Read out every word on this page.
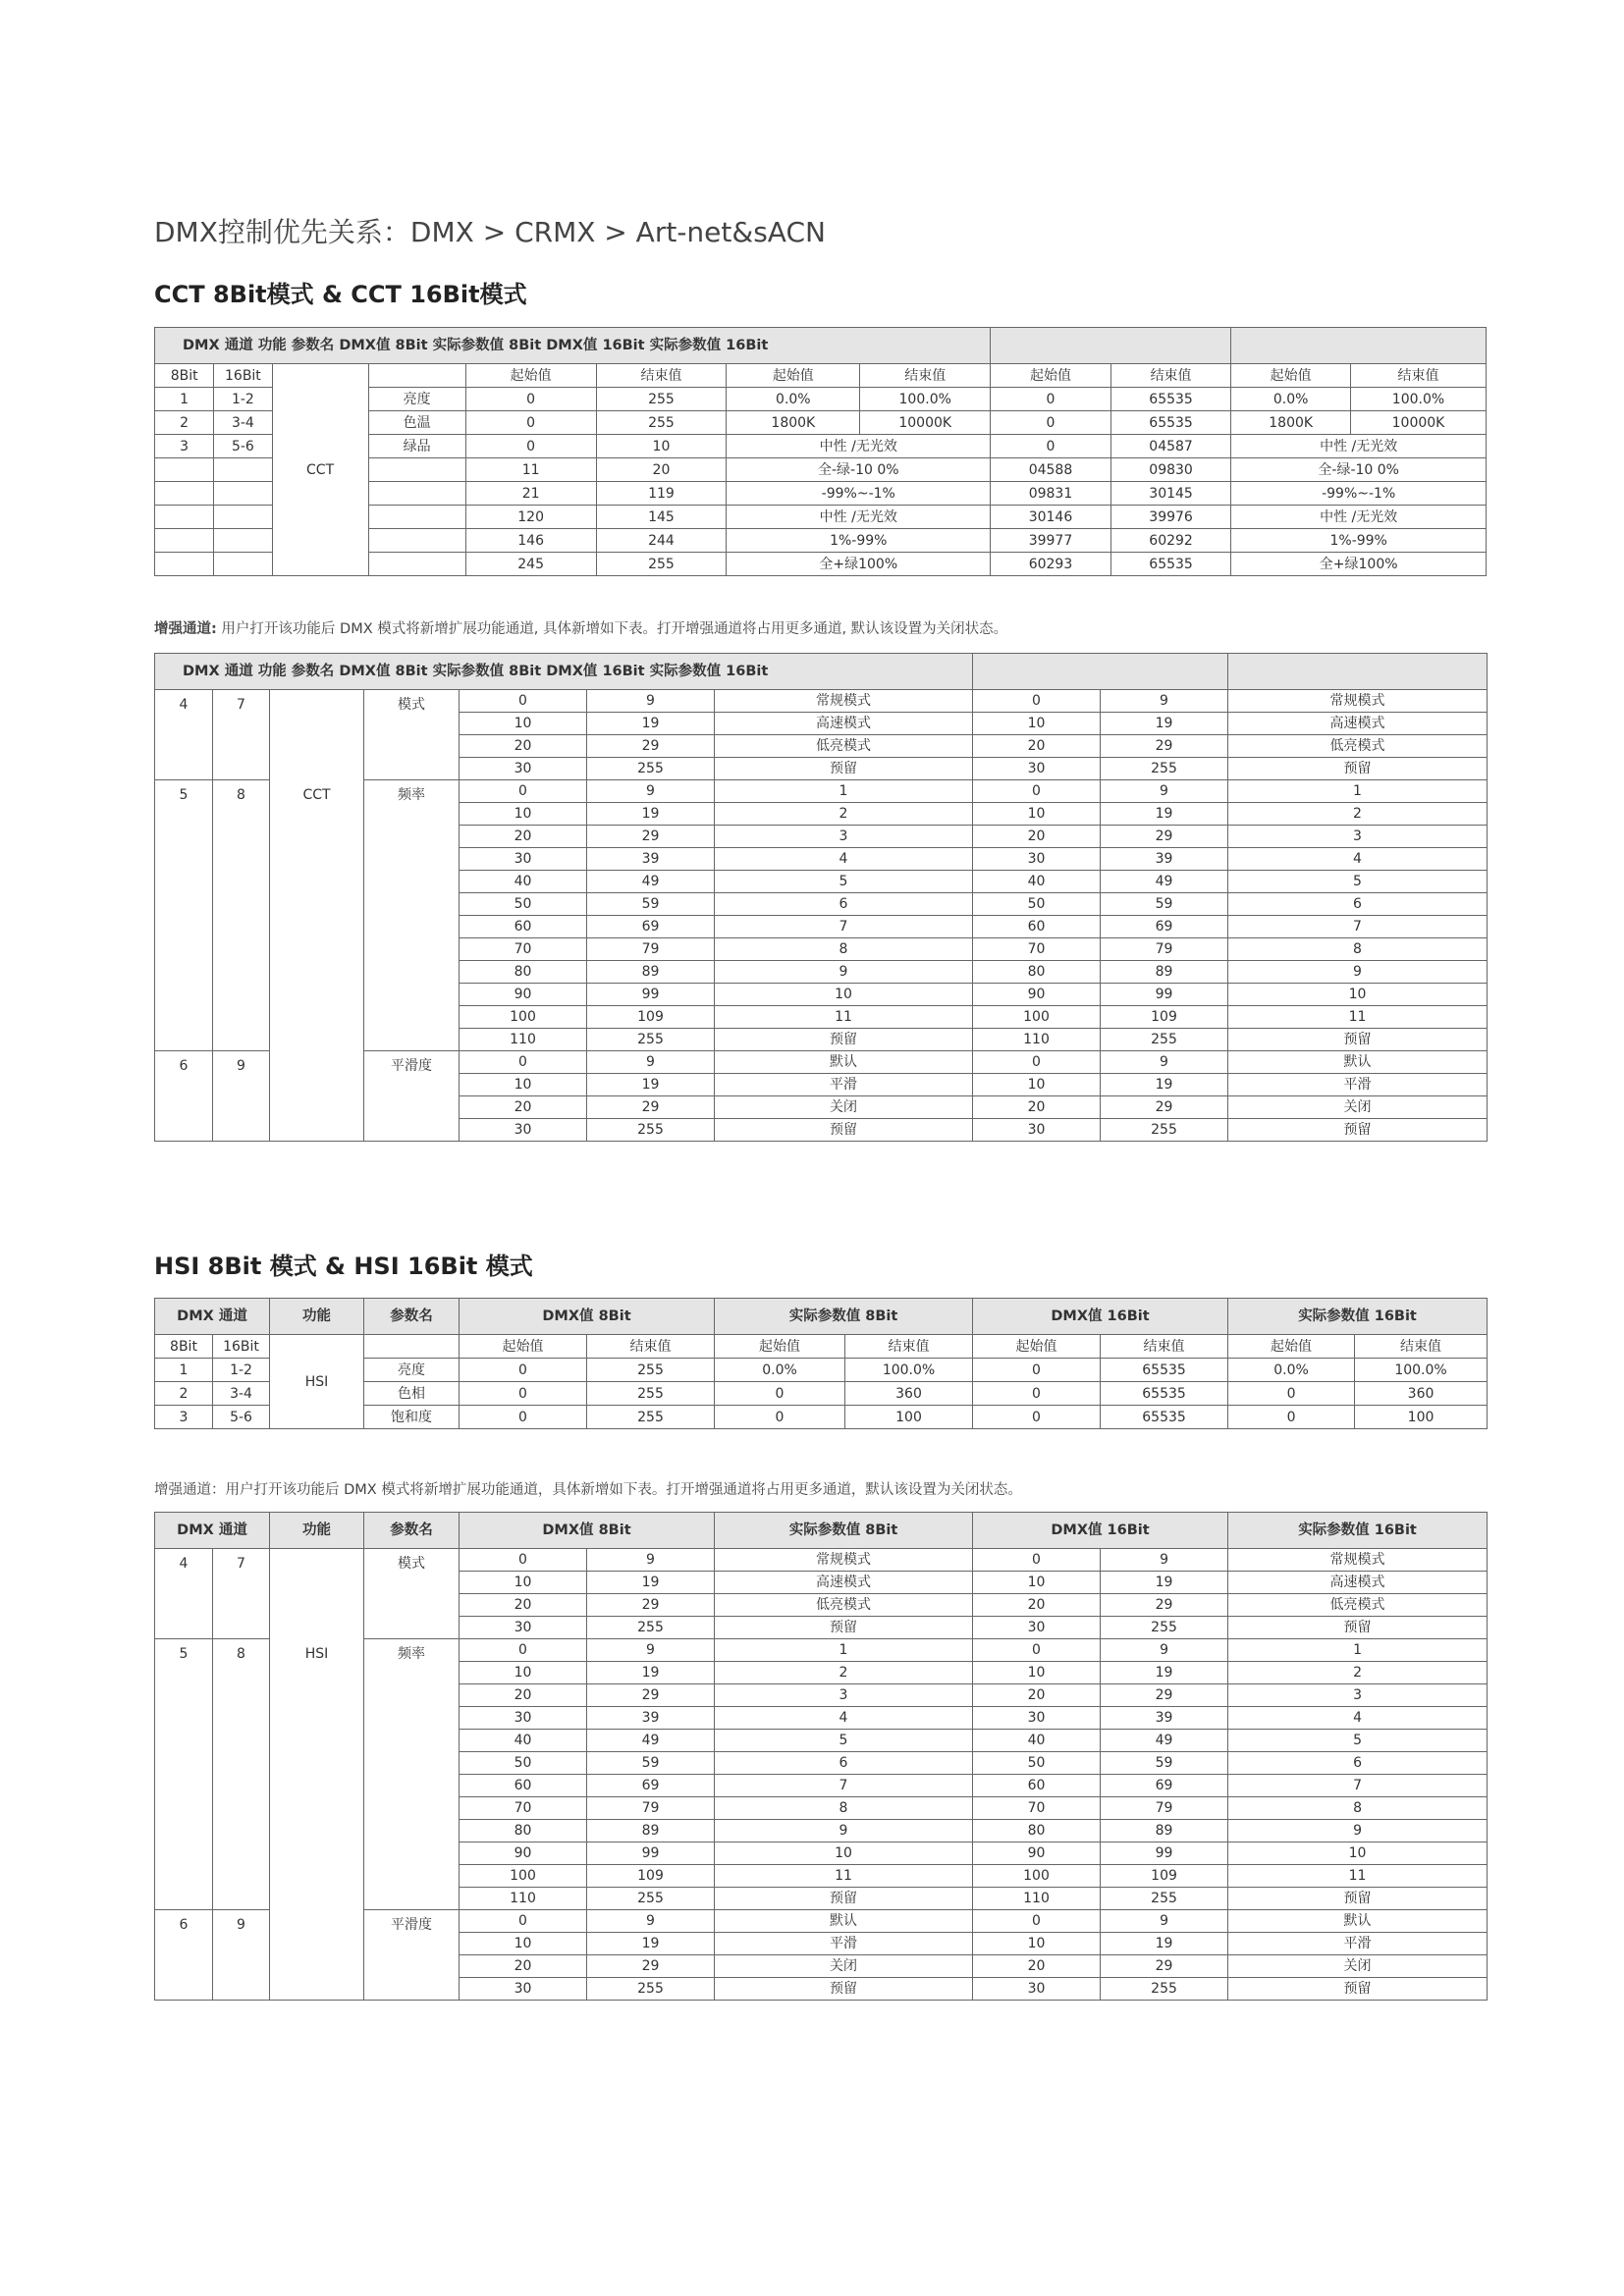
DMX控制优先关系：DMX > CRMX > Art-net&sACN
CCT 8Bit模式 & CCT 16Bit模式
DMX 通道 功能 参数名 DMX值 8Bit 实际参数值 8Bit DMX值 16Bit 实际参数值 16Bit											
8Bit	16Bit	CCT		起始值	结束值	起始值	结束值	起始值	结束值	起始值	结束值
1	1-2		亮度	0	255	0.0%	100.0%	0	65535	0.0%	100.0%
2	3-4		色温	0	255	1800K	10000K	0	65535	1800K	10000K
3	5-6		绿品	0	10	中性 /无光效		0	04587	中性 /无光效	
				11	20	全-绿-10 0%		04588	09830	全-绿-10 0%	
				21	119	-99%~-1%		09831	30145	-99%~-1%	
				120	145	中性 /无光效		30146	39976	中性 /无光效	
				146	244	1%-99%		39977	60292	1%-99%	
				245	255	全+绿100%		60293	65535	全+绿100%	
增强通道: 用户打开该功能后 DMX 模式将新增扩展功能通道, 具体新增如下表。打开增强通道将占用更多通道, 默认该设置为关闭状态。
DMX 通道 功能 参数名 DMX值 8Bit 实际参数值 8Bit DMX值 16Bit 实际参数值 16Bit									
4	7	CCT	模式	0	9	常规模式	0	9	常规模式
				10	19	高速模式	10	19	高速模式
				20	29	低亮模式	20	29	低亮模式
				30	255	预留	30	255	预留
5	8		频率	0	9	1	0	9	1
				10	19	2	10	19	2
				20	29	3	20	29	3
				30	39	4	30	39	4
				40	49	5	40	49	5
				50	59	6	50	59	6
				60	69	7	60	69	7
				70	79	8	70	79	8
				80	89	9	80	89	9
				90	99	10	90	99	10
				100	109	11	100	109	11
				110	255	预留	110	255	预留
6	9		平滑度	0	9	默认	0	9	默认
				10	19	平滑	10	19	平滑
				20	29	关闭	20	29	关闭
				30	255	预留	30	255	预留
HSI 8Bit 模式 & HSI 16Bit 模式
DMX 通道		功能	参数名	DMX值 8Bit		实际参数值 8Bit		DMX值 16Bit		实际参数值 16Bit	
8Bit	16Bit	HSI		起始值	结束值	起始值	结束值	起始值	结束值	起始值	结束值
1	1-2		亮度	0	255	0.0%	100.0%	0	65535	0.0%	100.0%
2	3-4		色相	0	255	0	360	0	65535	0	360
3	5-6		饱和度	0	255	0	100	0	65535	0	100
增强通道：用户打开该功能后 DMX 模式将新增扩展功能通道，具体新增如下表。打开增强通道将占用更多通道，默认该设置为关闭状态。
DMX 通道		功能	参数名	DMX值 8Bit		实际参数值 8Bit	DMX值 16Bit		实际参数值 16Bit
4	7	HSI	模式	0	9	常规模式	0	9	常规模式
				10	19	高速模式	10	19	高速模式
				20	29	低亮模式	20	29	低亮模式
				30	255	预留	30	255	预留
5	8		频率	0	9	1	0	9	1
				10	19	2	10	19	2
				20	29	3	20	29	3
				30	39	4	30	39	4
				40	49	5	40	49	5
				50	59	6	50	59	6
				60	69	7	60	69	7
				70	79	8	70	79	8
				80	89	9	80	89	9
				90	99	10	90	99	10
				100	109	11	100	109	11
				110	255	预留	110	255	预留
6	9		平滑度	0	9	默认	0	9	默认
				10	19	平滑	10	19	平滑
				20	29	关闭	20	29	关闭
				30	255	预留	30	255	预留
